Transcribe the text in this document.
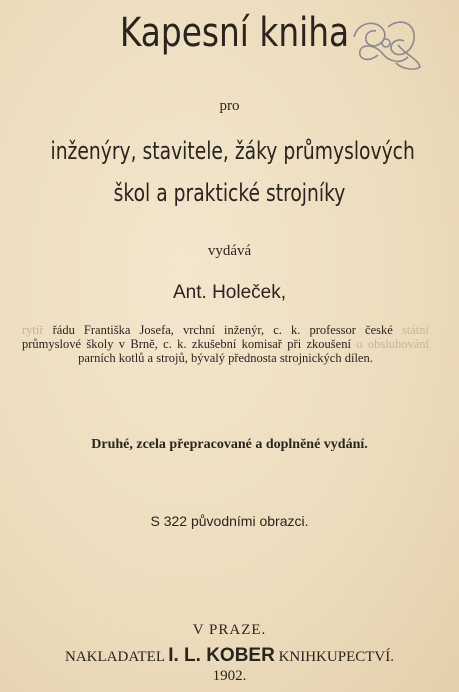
Kapesní kniha
pro
inženýry, stavitele, žáky průmyslových
škol a praktické strojníky
vydává
Ant. Holeček,
rytíř řádu Františka Josefa, vrchní inženýr, c. k. professor české státní průmyslové školy v Brně, c. k. zkušební komisař při zkoušení o obsluhování parních kotlů a strojů, bývalý přednosta strojnických dílen.
Druhé, zcela přepracované a doplněné vydání.
S 322 původními obrazci.
V PRAZE.
NAKLADATEL I. L. KOBER KNIHKUPECTVÍ.
1902.
